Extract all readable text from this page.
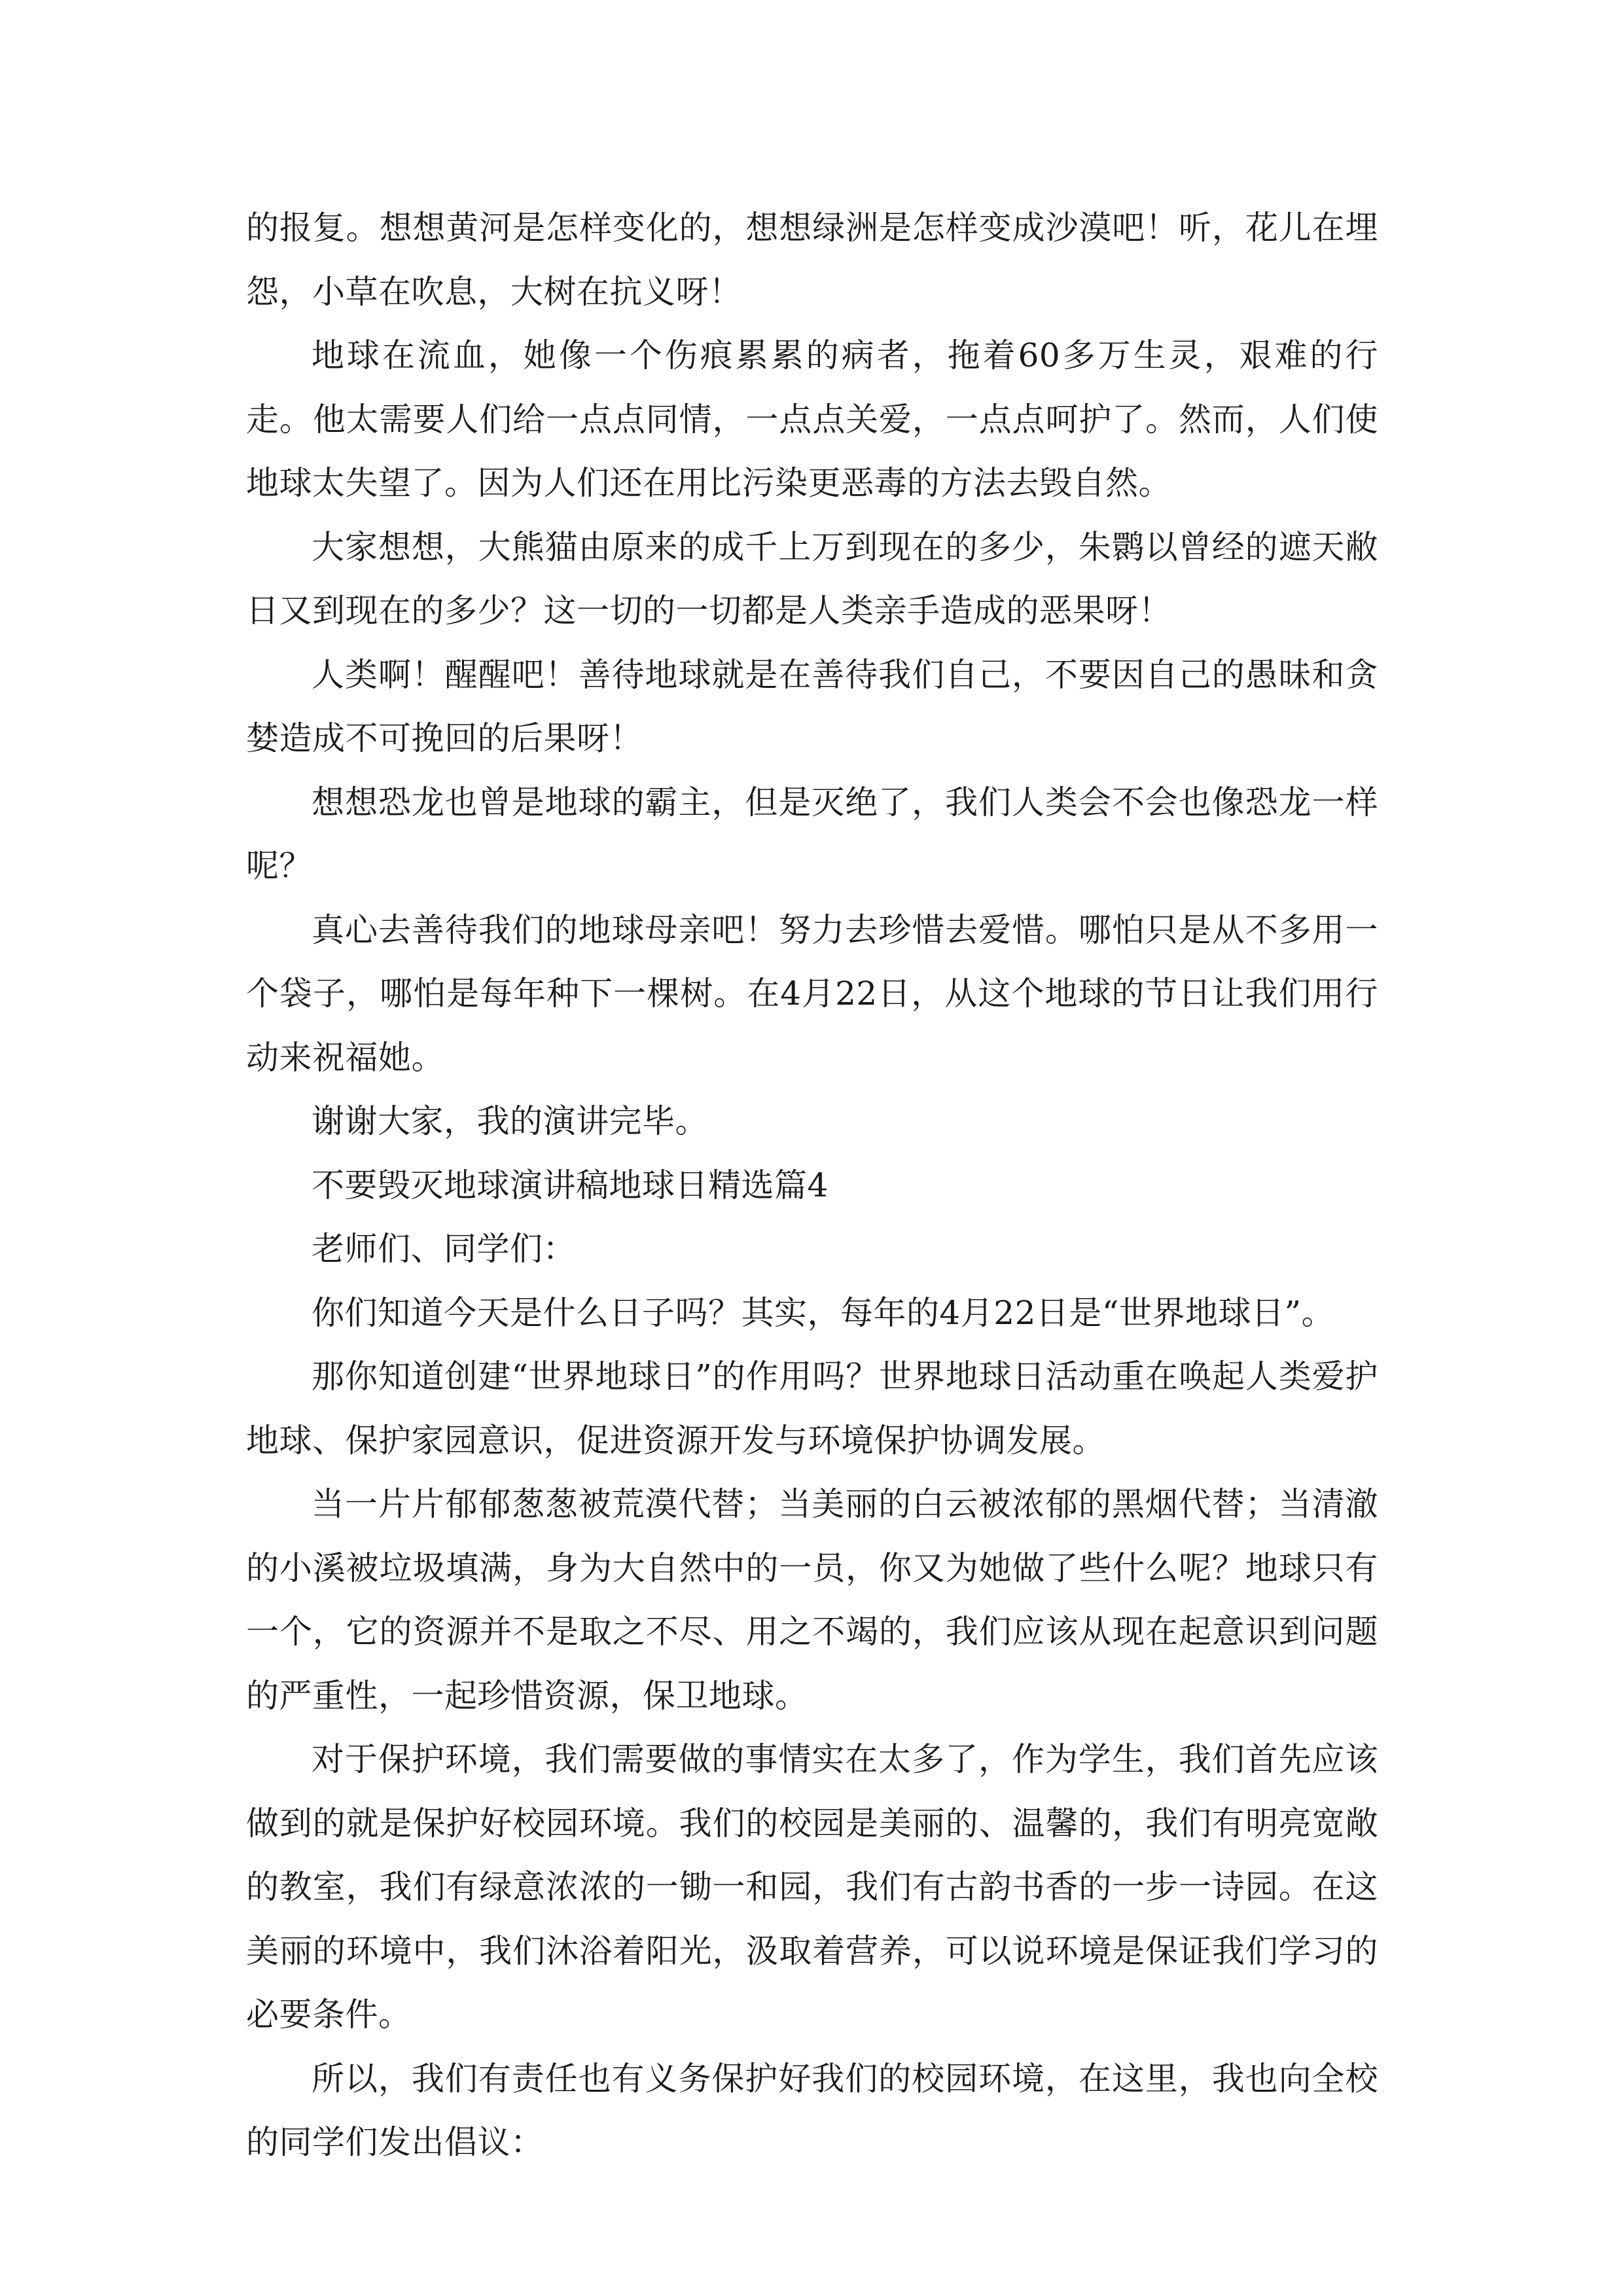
的报复。想想黄河是怎样变化的，想想绿洲是怎样变成沙漠吧！听，花儿在埋怨，小草在吹息，大树在抗义呀！

地球在流血，她像一个伤痕累累的病者，拖着60多万生灵，艰难的行走。他太需要人们给一点点同情，一点点关爱，一点点呵护了。然而，人们使地球太失望了。因为人们还在用比污染更恶毒的方法去毁自然。

大家想想，大熊猫由原来的成千上万到现在的多少，朱鹮以曾经的遮天敝日又到现在的多少？这一切的一切都是人类亲手造成的恶果呀！

人类啊！醒醒吧！善待地球就是在善待我们自己，不要因自己的愚昧和贪婪造成不可挽回的后果呀！

想想恐龙也曾是地球的霸主，但是灭绝了，我们人类会不会也像恐龙一样呢？

真心去善待我们的地球母亲吧！努力去珍惜去爱惜。哪怕只是从不多用一个袋子，哪怕是每年种下一棵树。在4月22日，从这个地球的节日让我们用行动来祝福她。

谢谢大家，我的演讲完毕。

不要毁灭地球演讲稿地球日精选篇4

老师们、同学们：

你们知道今天是什么日子吗？其实，每年的4月22日是“世界地球日”。

那你知道创建“世界地球日”的作用吗？世界地球日活动重在唤起人类爱护地球、保护家园意识，促进资源开发与环境保护协调发展。

当一片片郁郁葱葱被荒漠代替；当美丽的白云被浓郁的黑烟代替；当清澈的小溪被垃圾填满，身为大自然中的一员，你又为她做了些什么呢？地球只有一个，它的资源并不是取之不尽、用之不竭的，我们应该从现在起意识到问题的严重性，一起珍惜资源，保卫地球。

对于保护环境，我们需要做的事情实在太多了，作为学生，我们首先应该做到的就是保护好校园环境。我们的校园是美丽的、温馨的，我们有明亮宽敞的教室，我们有绿意浓浓的一锄一和园，我们有古韵书香的一步一诗园。在这美丽的环境中，我们沐浴着阳光，汲取着营养，可以说环境是保证我们学习的必要条件。

所以，我们有责任也有义务保护好我们的校园环境，在这里，我也向全校的同学们发出倡议：
